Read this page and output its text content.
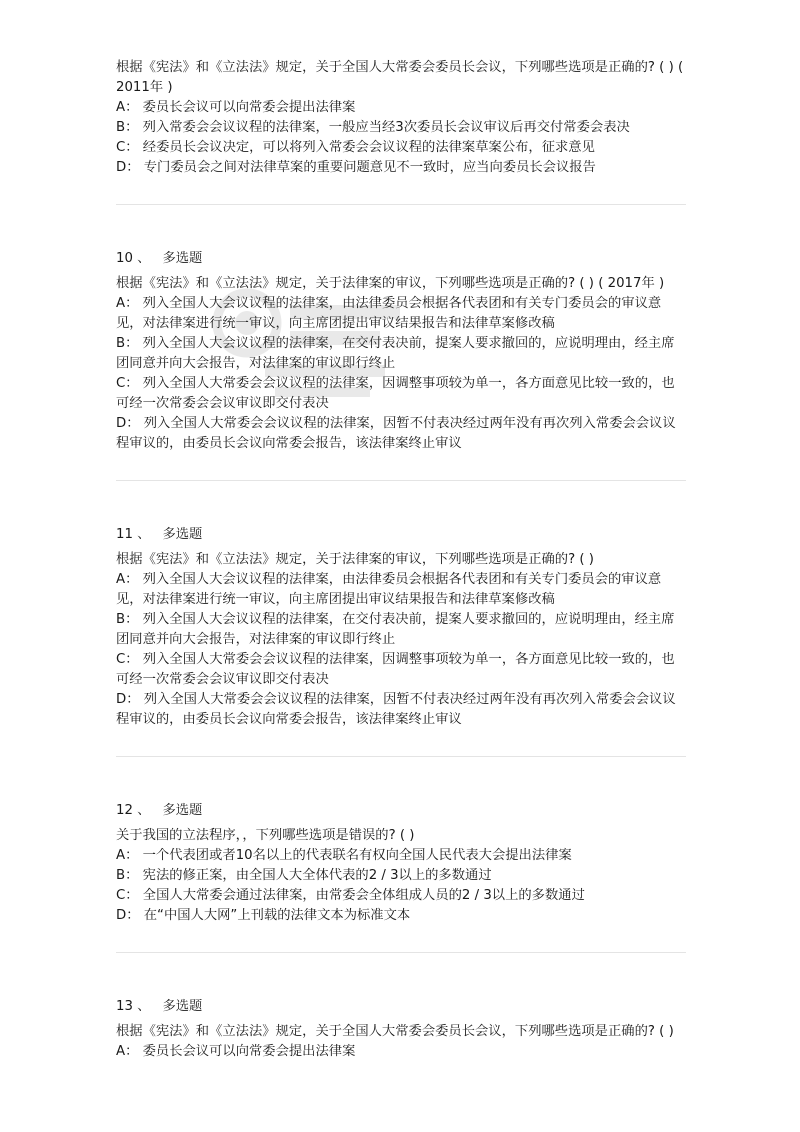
根据《宪法》和《立法法》规定，关于全国人大常委会委员长会议，下列哪些选项是正确的? ( ) ( 2011年 )

A： 委员长会议可以向常委会提出法律案

B： 列入常委会会议议程的法律案，一般应当经3次委员长会议审议后再交付常委会表决

C： 经委员长会议决定，可以将列入常委会会议议程的法律案草案公布，征求意见

D： 专门委员会之间对法律草案的重要问题意见不一致时，应当向委员长会议报告

10 、 多选题

根据《宪法》和《立法法》规定，关于法律案的审议，下列哪些选项是正确的? ( ) ( 2017年 )

A： 列入全国人大会议议程的法律案，由法律委员会根据各代表团和有关专门委员会的审议意见，对法律案进行统一审议，向主席团提出审议结果报告和法律草案修改稿

B： 列入全国人大会议议程的法律案，在交付表决前，提案人要求撤回的，应说明理由，经主席团同意并向大会报告，对法律案的审议即行终止

C： 列入全国人大常委会会议议程的法律案，因调整事项较为单一，各方面意见比较一致的，也可经一次常委会会议审议即交付表决

D： 列入全国人大常委会会议议程的法律案，因暂不付表决经过两年没有再次列入常委会会议议程审议的，由委员长会议向常委会报告，该法律案终止审议

11 、 多选题

根据《宪法》和《立法法》规定，关于法律案的审议，下列哪些选项是正确的? ( )

A： 列入全国人大会议议程的法律案，由法律委员会根据各代表团和有关专门委员会的审议意见，对法律案进行统一审议，向主席团提出审议结果报告和法律草案修改稿

B： 列入全国人大会议议程的法律案，在交付表决前，提案人要求撤回的，应说明理由，经主席团同意并向大会报告，对法律案的审议即行终止

C： 列入全国人大常委会会议议程的法律案，因调整事项较为单一，各方面意见比较一致的，也可经一次常委会会议审议即交付表决

D： 列入全国人大常委会会议议程的法律案，因暂不付表决经过两年没有再次列入常委会会议议程审议的，由委员长会议向常委会报告，该法律案终止审议

12 、 多选题

关于我国的立法程序，，下列哪些选项是错误的? ( )

A： 一个代表团或者10名以上的代表联名有权向全国人民代表大会提出法律案

B： 宪法的修正案，由全国人大全体代表的2 / 3以上的多数通过

C： 全国人大常委会通过法律案，由常委会全体组成人员的2 / 3以上的多数通过

D： 在“中国人大网”上刊载的法律文本为标准文本

13 、 多选题

根据《宪法》和《立法法》规定，关于全国人大常委会委员长会议，下列哪些选项是正确的? ( )

A： 委员长会议可以向常委会提出法律案
